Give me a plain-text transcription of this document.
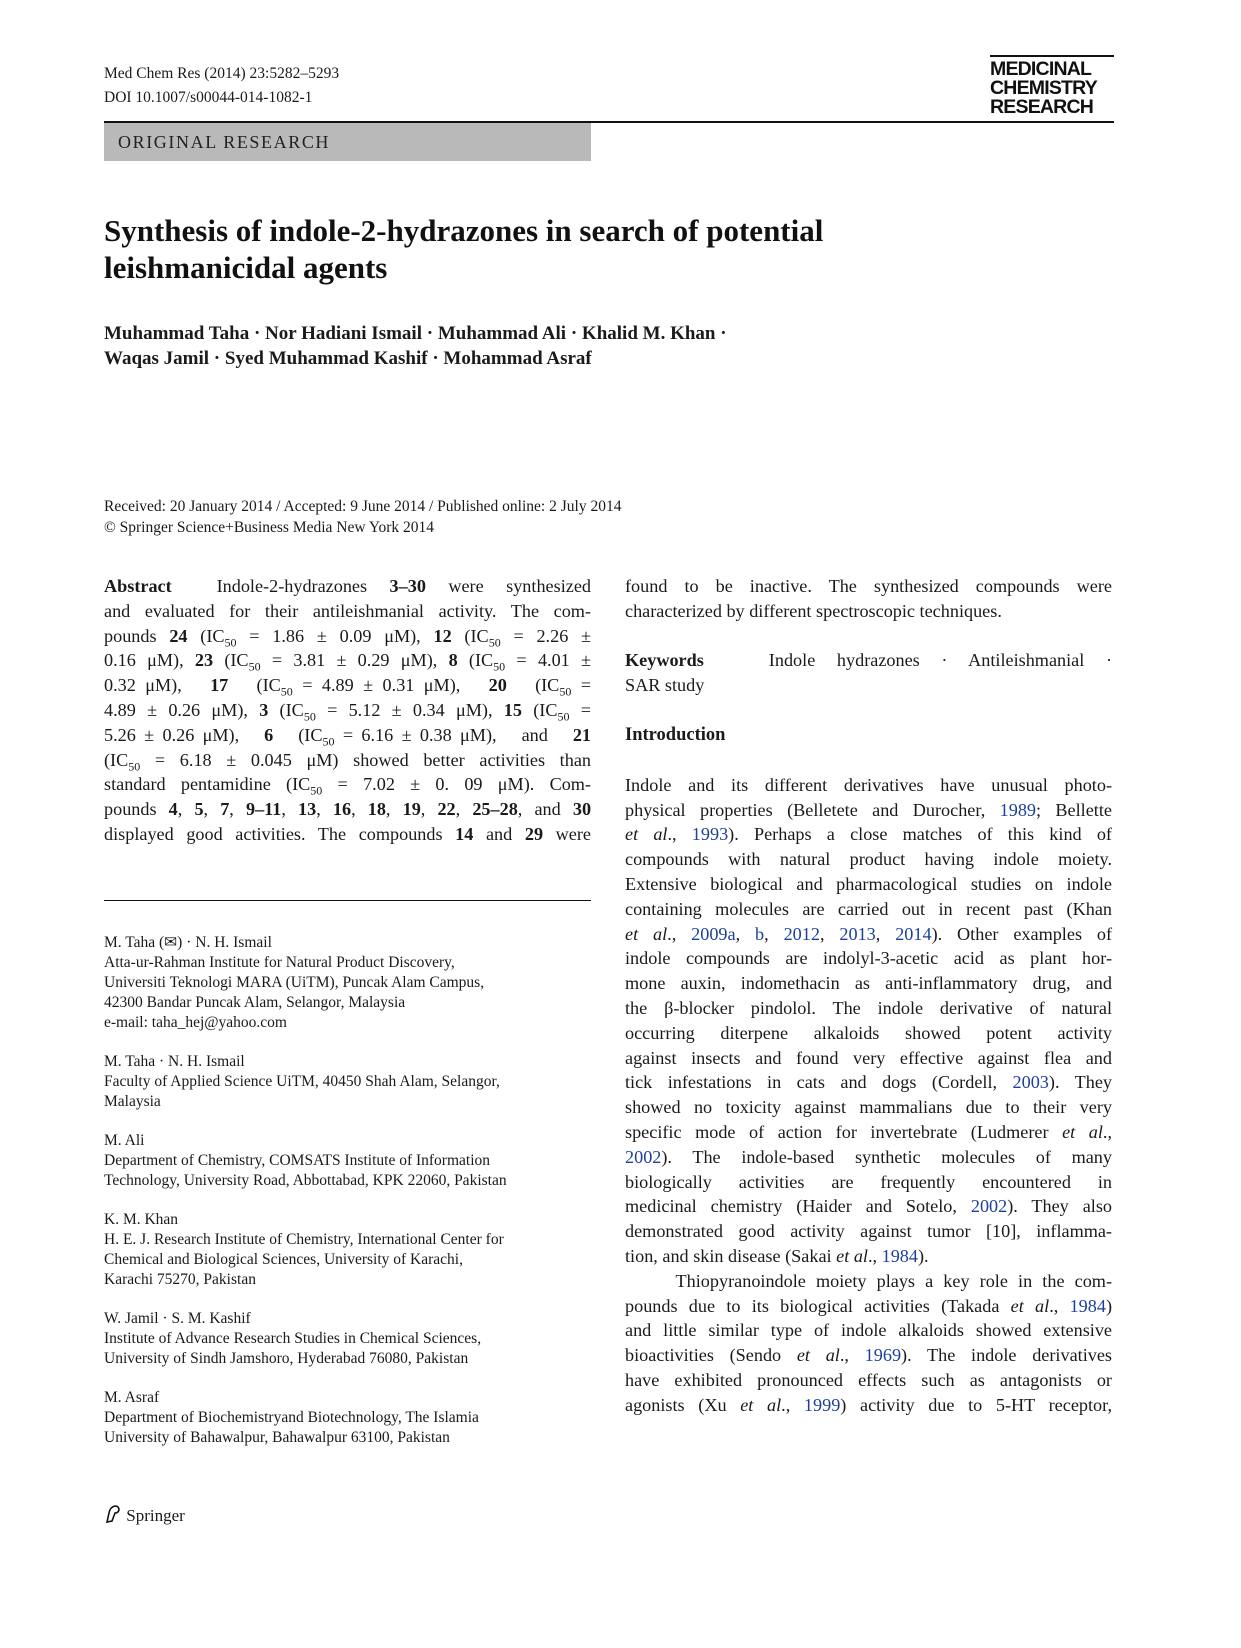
Med Chem Res (2014) 23:5282–5293
DOI 10.1007/s00044-014-1082-1
MEDICINAL
CHEMISTRY
RESEARCH
ORIGINAL RESEARCH
Synthesis of indole-2-hydrazones in search of potential
leishmanicidal agents
Muhammad Taha · Nor Hadiani Ismail · Muhammad Ali · Khalid M. Khan ·
Waqas Jamil · Syed Muhammad Kashif · Mohammad Asraf
Received: 20 January 2014 / Accepted: 9 June 2014 / Published online: 2 July 2014
© Springer Science+Business Media New York 2014
Abstract  Indole-2-hydrazones 3–30 were synthesized
and evaluated for their antileishmanial activity. The com-
pounds 24 ($IC_{50} = 1.86 \pm 0.09$ μM), 12 ($IC_{50} = 2.26$ ±
0.16 μM), 23 ($IC_{50} = 3.81 \pm 0.29$ μM), 8 ($IC_{50} = 4.01$ ±
0.32 μM),   17   ($IC_{50} = 4.89 \pm 0.31$ μM),   20   ($IC_{50}$ =
4.89 ± 0.26 μM), 3 ($IC_{50} = 5.12 \pm 0.34$ μM), 15 ($IC_{50}$ =
5.26 ± 0.26 μM),   6   ($IC_{50} = 6.16 \pm 0.38$ μM),   and   21
($IC_{50} = 6.18 \pm 0.045$ μM) showed better activities than
standard pentamidine ($IC_{50} = 7.02 \pm 0$. 09 μM). Com-
pounds 4, 5, 7, 9–11, 13, 16, 18, 19, 22, 25–28, and 30
displayed good activities. The compounds 14 and 29 were
M. Taha (✉) · N. H. Ismail
Atta-ur-Rahman Institute for Natural Product Discovery,
Universiti Teknologi MARA (UiTM), Puncak Alam Campus,
42300 Bandar Puncak Alam, Selangor, Malaysia
e-mail: taha_hej@yahoo.com
M. Taha · N. H. Ismail
Faculty of Applied Science UiTM, 40450 Shah Alam, Selangor,
Malaysia
M. Ali
Department of Chemistry, COMSATS Institute of Information
Technology, University Road, Abbottabad, KPK 22060, Pakistan
K. M. Khan
H. E. J. Research Institute of Chemistry, International Center for
Chemical and Biological Sciences, University of Karachi,
Karachi 75270, Pakistan
W. Jamil · S. M. Kashif
Institute of Advance Research Studies in Chemical Sciences,
University of Sindh Jamshoro, Hyderabad 76080, Pakistan
M. Asraf
Department of Biochemistryand Biotechnology, The Islamia
University of Bahawalpur, Bahawalpur 63100, Pakistan
Springer
found to be inactive. The synthesized compounds were
characterized by different spectroscopic techniques.
Keywords	Indole hydrazones · Antileishmanial ·
SAR study
Introduction
Indole and its different derivatives have unusual photo-
physical properties (Belletete and Durocher, 1989; Bellette
et al., 1993). Perhaps a close matches of this kind of
compounds with natural product having indole moiety.
Extensive biological and pharmacological studies on indole
containing molecules are carried out in recent past (Khan
et al., 2009a, b, 2012, 2013, 2014). Other examples of
indole compounds are indolyl-3-acetic acid as plant hor-
mone auxin, indomethacin as anti-inflammatory drug, and
the β-blocker pindolol. The indole derivative of natural
occurring diterpene alkaloids showed potent activity
against insects and found very effective against flea and
tick infestations in cats and dogs (Cordell, 2003). They
showed no toxicity against mammalians due to their very
specific mode of action for invertebrate (Ludmerer et al.,
2002). The indole-based synthetic molecules of many
biologically activities are frequently encountered in
medicinal chemistry (Haider and Sotelo, 2002). They also
demonstrated good activity against tumor [10], inflamma-
tion, and skin disease (Sakai et al., 1984).
Thiopyranoindole moiety plays a key role in the com-
pounds due to its biological activities (Takada et al., 1984)
and little similar type of indole alkaloids showed extensive
bioactivities (Sendo et al., 1969). The indole derivatives
have exhibited pronounced effects such as antagonists or
agonists (Xu et al., 1999) activity due to 5-HT receptor,
